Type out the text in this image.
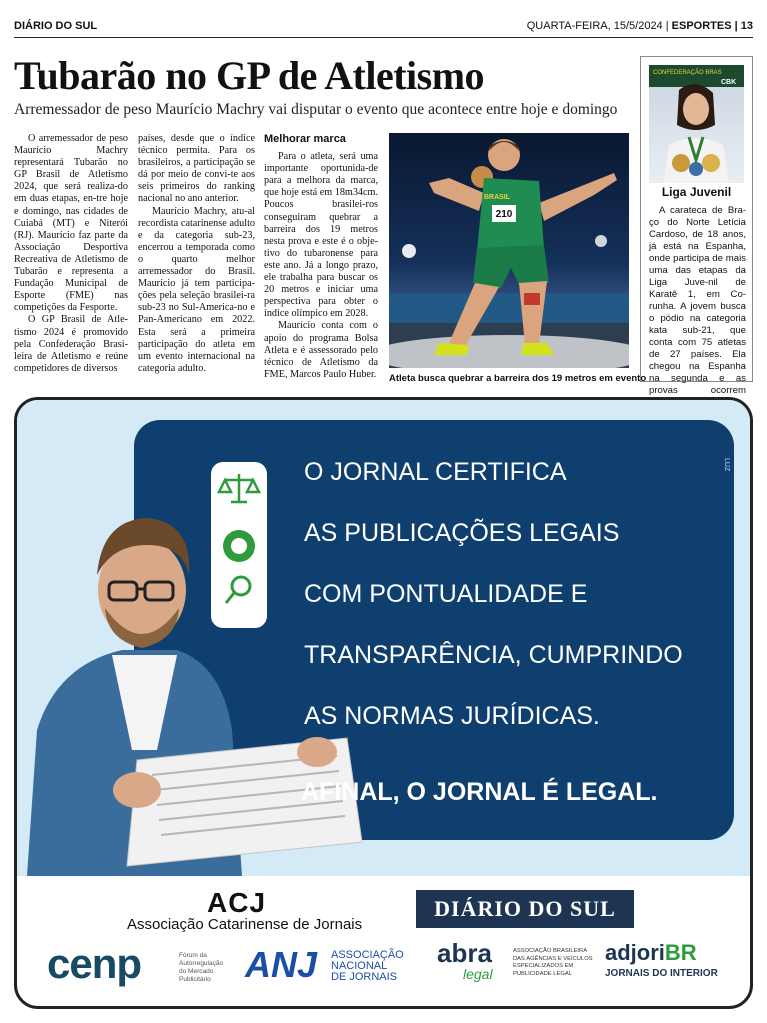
DIÁRIO DO SUL	QUARTA-FEIRA, 15/5/2024 | ESPORTES | 13
Tubarão no GP de Atletismo
Arremessador de peso Maurício Machry vai disputar o evento que acontece entre hoje e domingo

O arremessador de peso Maurício Machry representará Tubarão no GP Brasil de Atletismo 2024, que será realiza-do em duas etapas, en-tre hoje e domingo, nas cidades de Cuiabá (MT) e Niterói (RJ). Maurício faz parte da Associação Desportiva Recreativa de Atletismo de Tubarão e representa a Fundação Municipal de Esporte (FME) nas competições da Fesporte.

O GP Brasil de Atle-tismo 2024 é promovido pela Confederação Brasi-leira de Atletismo e reúne competidores de diversos

países, desde que o índice técnico permita. Para os brasileiros, a participação se dá por meio de convi-te aos seis primeiros do ranking nacional no ano anterior.

Maurício Machry, atu-al recordista catarinense adulto e da categoria sub-23, encerrou a temporada como o quarto melhor arremessador do Brasil. Maurício já tem participa-ções pela seleção brasilei-ra sub-23 no Sul-America-no e Pan-Americano em 2022. Esta será a primeira participação do atleta em um evento internacional na categoria adulto.

Melhorar marca

Para o atleta, será uma importante oportunida-de para a melhora da marca, que hoje está em 18m34cm. Poucos brasilei-ros conseguiram quebrar a barreira dos 19 metros nesta prova e este é o obje-tivo do tubaronense para este ano. Já a longo prazo, ele trabalha para buscar os 20 metros e iniciar uma perspectiva para obter o índice olímpico em 2028.

Maurício conta com o apoio do programa Bolsa Atleta e é assessorado pelo técnico de Atletismo da FME, Marcos Paulo Huber.

210
BRASIL
Atleta busca quebrar a barreira dos 19 metros em evento
CONFEDERAÇÃO BRAS
CBK
Liga Juvenil

A carateca de Bra-ço do Norte Letícia Cardoso, de 18 anos, já está na Espanha, onde participa de mais uma das etapas da Liga Juve-nil de Karatê 1, em Co-runha. A jovem busca o pódio na categoria kata sub-21, que conta com 75 atletas de 27 países. Ela chegou na Espanha na segunda e as provas ocorrem

LUZ
O JORNAL CERTIFICA
AS PUBLICAÇÕES LEGAIS
COM PONTUALIDADE E
TRANSPARÊNCIA, CUMPRINDO
AS NORMAS JURÍDICAS.
AFINAL, O JORNAL É LEGAL.
ACJ
Associação Catarinense de Jornais
DIÁRIO DO SUL
cenp	Fórum da
Autorregulação
do Mercado
Publicitário ANJ ASSOCIAÇÃO
NACIONAL
DE JORNAIS
abra
legal
ASSOCIAÇÃO BRASILEIRA
DAS AGÊNCIAS E VEÍCULOS
ESPECIALIZADOS EM
PUBLICIDADE LEGAL
adjoriBR
JORNAIS DO INTERIOR
